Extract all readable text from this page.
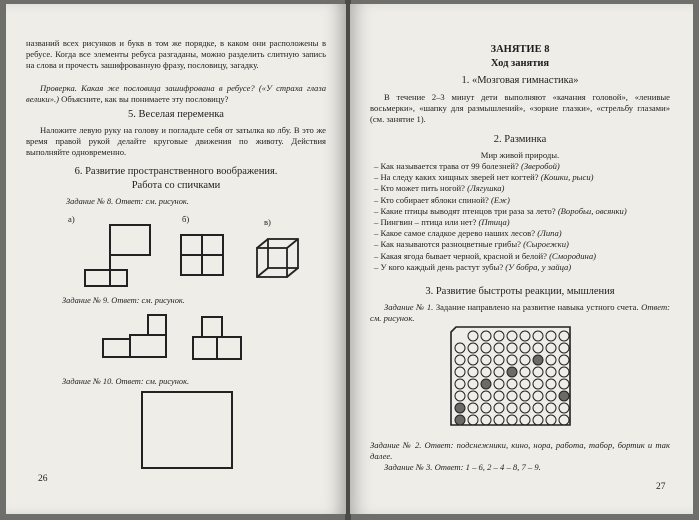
названий всех рисунков и букв в том же порядке, в каком они расположены в ребусе. Когда все элементы ребуса разгаданы, можно разделить слитную запись на слова и прочесть зашифрованную фразу, пословицу, загадку.
Проверка. Какая же пословица зашифрована в ребусе? («У страха глаза велики».) Объясните, как вы понимаете эту пословицу?
5. Веселая переменка
Наложите левую руку на голову и погладьте себя от затылка ко лбу. В это же время правой рукой делайте круговые движения по животу. Действия выполняйте одновременно.
6. Развитие пространственного воображения.
Работа со спичками
Задание № 8. Ответ: см. рисунок.
а)	б)	в)
Задание № 9. Ответ: см. рисунок.
Задание № 10. Ответ: см. рисунок.
26
ЗАНЯТИЕ 8
Ход занятия
1. «Мозговая гимнастика»
В течение 2–3 минут дети выполняют «качания головой», «ленивые восьмерки», «шапку для размышлений», «зоркие глазки», «стрельбу глазами» (см. занятие 1).
2. Разминка
Мир живой природы.
– Как называется трава от 99 болезней? (Зверобой)
– На следу каких хищных зверей нет когтей? (Кошки, рыси)
– Кто может пить ногой? (Лягушка)
– Кто собирает яблоки спиной? (Еж)
– Какие птицы выводят птенцов три раза за лето? (Воробьи, овсянки)
– Пингвин – птица или нет? (Птица)
– Какое самое сладкое дерево наших лесов? (Липа)
– Как называются разноцветные грибы? (Сыроежки)
– Какая ягода бывает черной, красной и белой? (Смородина)
– У кого каждый день растут зубы? (У бобра, у зайца)
3. Развитие быстроты реакции, мышления
Задание № 1. Задание направлено на развитие навыка устного счета. Ответ: см. рисунок.
Задание № 2. Ответ: подснежники, кино, нора, работа, табор, бортик и так далее.
Задание № 3. Ответ: 1 – 6, 2 – 4 – 8, 7 – 9.
27
